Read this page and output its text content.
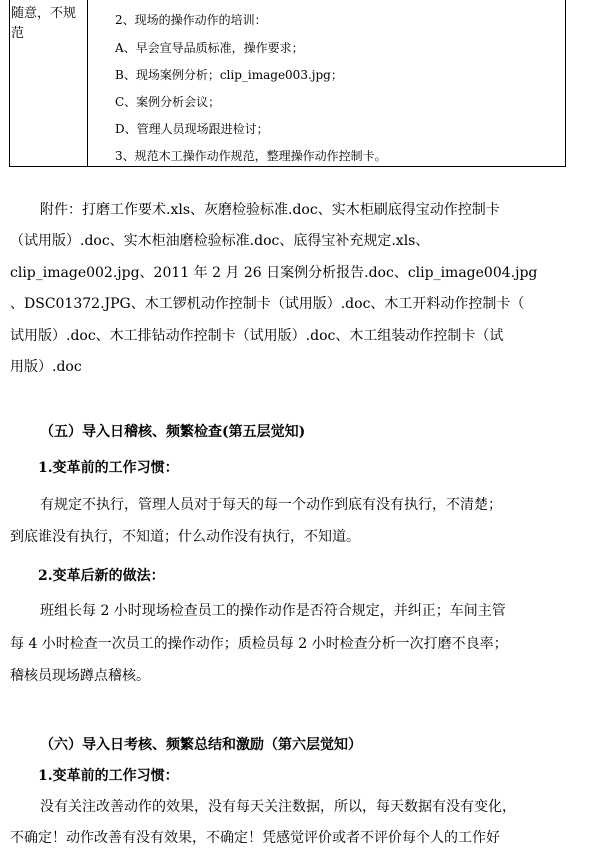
随意，不规
范
2、现场的操作动作的培训：
A、早会宣导品质标准，操作要求；
B、现场案例分析；clip_image003.jpg；
C、案例分析会议；
D、管理人员现场跟进检讨；
3、规范木工操作动作规范，整理操作动作控制卡。
附件：打磨工作要术.xls、灰磨检验标准.doc、实木柜刷底得宝动作控制卡
（试用版）.doc、实木柜油磨检验标准.doc、底得宝补充规定.xls、
clip_image002.jpg、2011 年 2 月 26 日案例分析报告.doc、clip_image004.jpg
、DSC01372.JPG、木工锣机动作控制卡（试用版）.doc、木工开料动作控制卡（
试用版）.doc、木工排钻动作控制卡（试用版）.doc、木工组装动作控制卡（试
用版）.doc
（五）导入日稽核、频繁检查(第五层觉知)
1.变革前的工作习惯：
有规定不执行，管理人员对于每天的每一个动作到底有没有执行，不清楚；
到底谁没有执行，不知道；什么动作没有执行，不知道。
2.变革后新的做法：
班组长每 2 小时现场检查员工的操作动作是否符合规定，并纠正；车间主管
每 4 小时检查一次员工的操作动作；质检员每 2 小时检查分析一次打磨不良率；
稽核员现场蹲点稽核。
（六）导入日考核、频繁总结和激励（第六层觉知）
1.变革前的工作习惯：
没有关注改善动作的效果，没有每天关注数据，所以，每天数据有没有变化，
不确定！动作改善有没有效果，不确定！凭感觉评价或者不评价每个人的工作好
